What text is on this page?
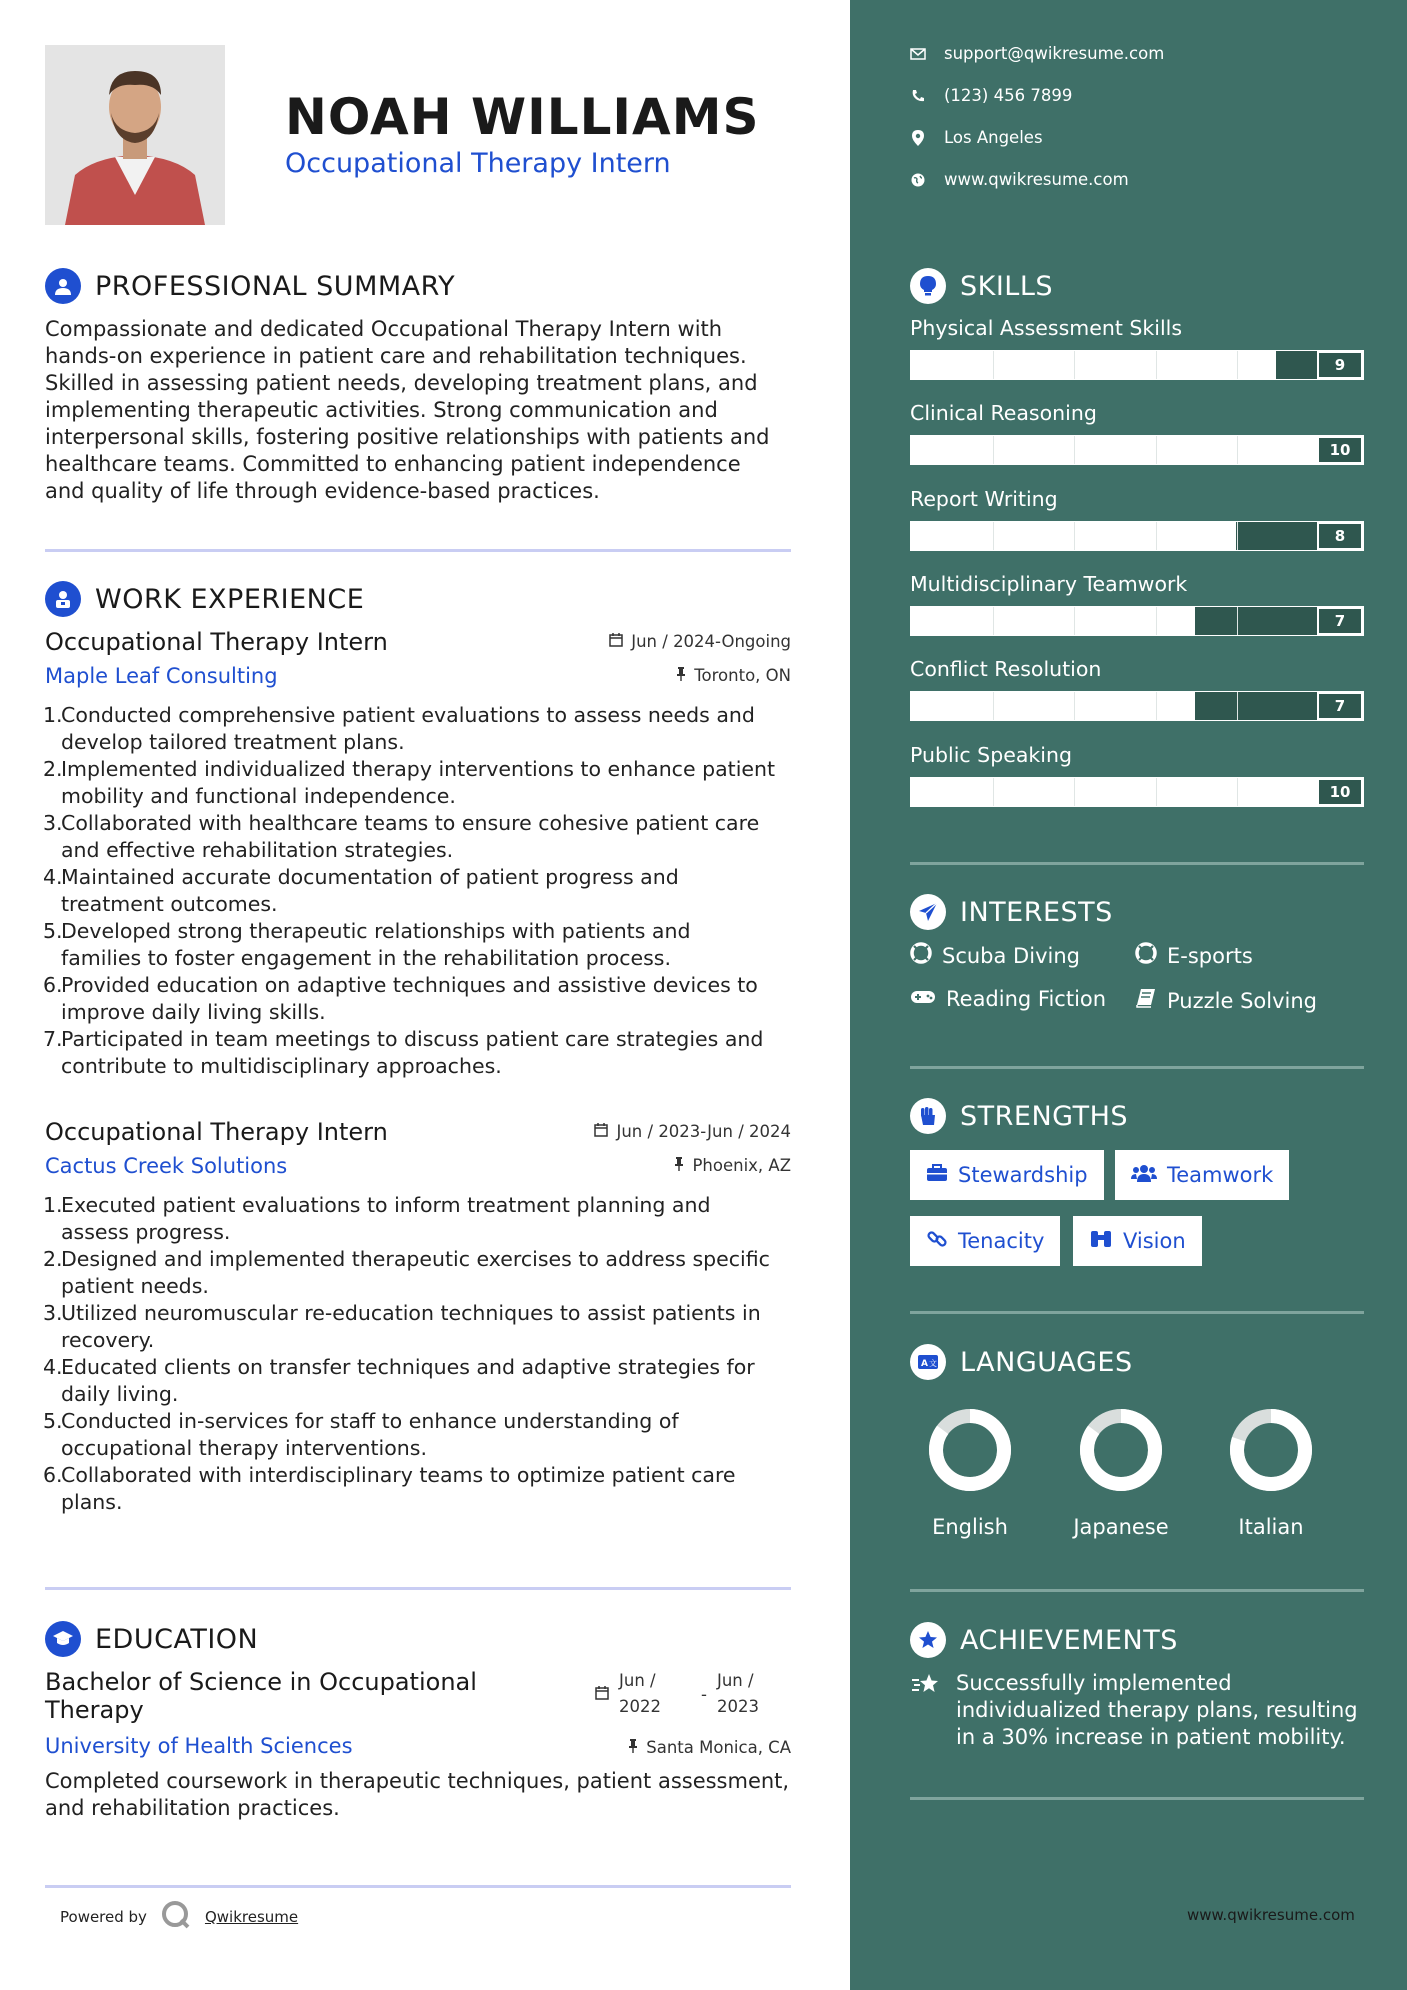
NOAH WILLIAMS
Occupational Therapy Intern
PROFESSIONAL SUMMARY
Compassionate and dedicated Occupational Therapy Intern with
hands-on experience in patient care and rehabilitation techniques.
Skilled in assessing patient needs, developing treatment plans, and
implementing therapeutic activities. Strong communication and
interpersonal skills, fostering positive relationships with patients and
healthcare teams. Committed to enhancing patient independence
and quality of life through evidence-based practices.
WORK EXPERIENCE
Occupational Therapy Intern
Maple Leaf Consulting
Jun / 2024-Ongoing
Toronto, ON
1.
Conducted comprehensive patient evaluations to assess needs and
develop tailored treatment plans.
2.
Implemented individualized therapy interventions to enhance patient
mobility and functional independence.
3.
Collaborated with healthcare teams to ensure cohesive patient care
and effective rehabilitation strategies.
4.
Maintained accurate documentation of patient progress and
treatment outcomes.
5.
Developed strong therapeutic relationships with patients and
families to foster engagement in the rehabilitation process.
6.
Provided education on adaptive techniques and assistive devices to
improve daily living skills.
7.
Participated in team meetings to discuss patient care strategies and
contribute to multidisciplinary approaches.
Occupational Therapy Intern
Cactus Creek Solutions
Jun / 2023-Jun / 2024
Phoenix, AZ
1.
Executed patient evaluations to inform treatment planning and
assess progress.
2.
Designed and implemented therapeutic exercises to address specific
patient needs.
3.
Utilized neuromuscular re-education techniques to assist patients in
recovery.
4.
Educated clients on transfer techniques and adaptive strategies for
daily living.
5.
Conducted in-services for staff to enhance understanding of
occupational therapy interventions.
6.
Collaborated with interdisciplinary teams to optimize patient care
plans.
EDUCATION
Bachelor of Science in Occupational
Therapy
University of Health Sciences
Jun /
2022
-
Jun /
2023
Santa Monica, CA
Completed coursework in therapeutic techniques, patient assessment,
and rehabilitation practices.
Powered by	Qwikresume
support@qwikresume.com
(123) 456 7899
Los Angeles
www.qwikresume.com
SKILLS
Physical Assessment Skills
9
Clinical Reasoning
10
Report Writing
8
Multidisciplinary Teamwork
7
Conflict Resolution
7
Public Speaking
10
INTERESTS
Scuba Diving	E-sports
Reading Fiction	Puzzle Solving
STRENGTHS
Stewardship	Teamwork
Tenacity	Vision
A 文 LANGUAGES
English	Japanese	Italian
ACHIEVEMENTS
Successfully implemented
individualized therapy plans, resulting
in a 30% increase in patient mobility.
www.qwikresume.com
